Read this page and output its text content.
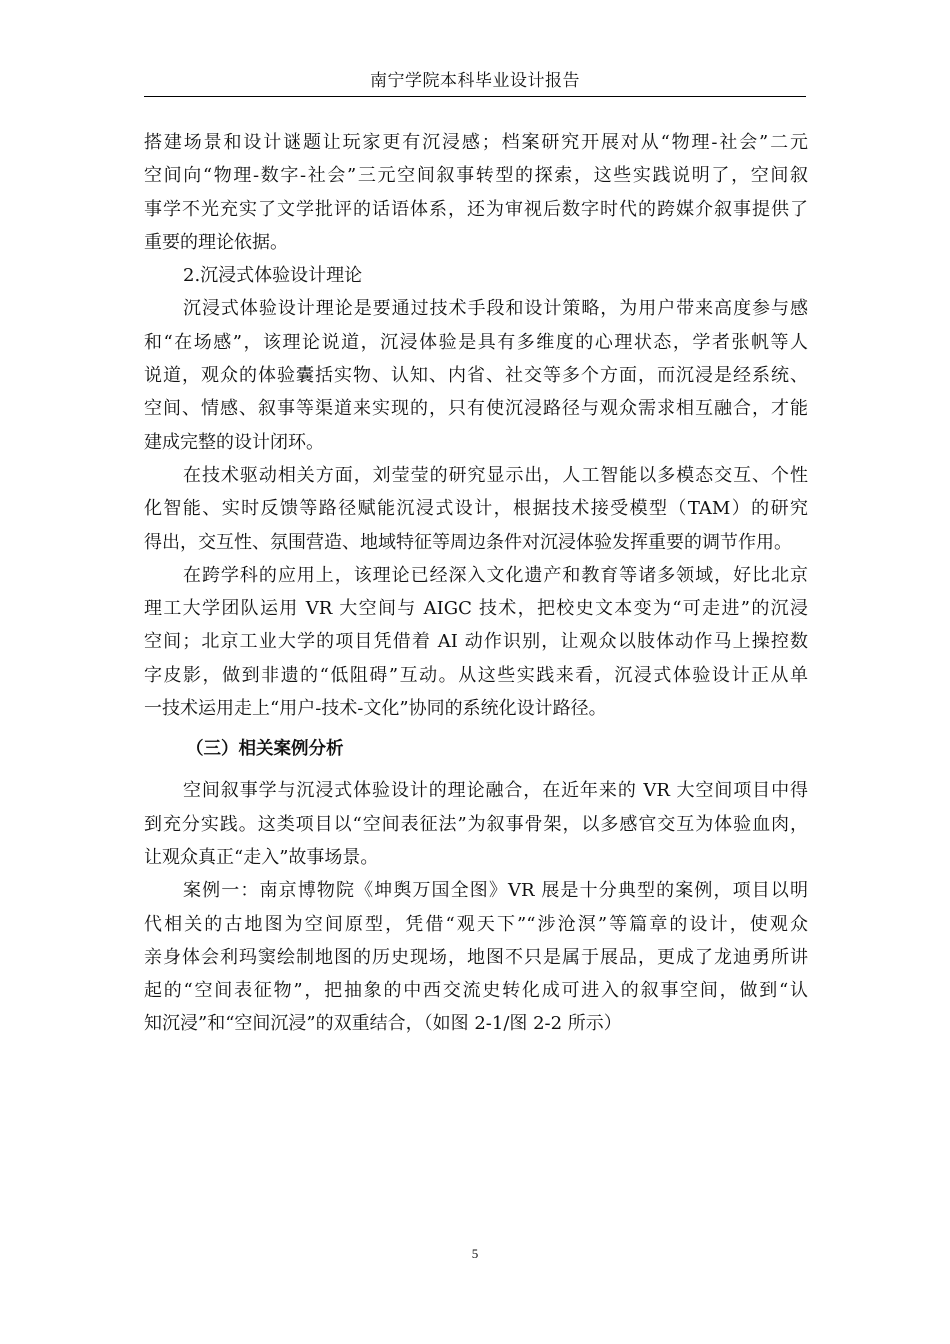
南宁学院本科毕业设计报告
搭建场景和设计谜题让玩家更有沉浸感；档案研究开展对从“物理-社会”二元
空间向“物理-数字-社会”三元空间叙事转型的探索，这些实践说明了，空间叙
事学不光充实了文学批评的话语体系，还为审视后数字时代的跨媒介叙事提供了
重要的理论依据。
2.沉浸式体验设计理论
沉浸式体验设计理论是要通过技术手段和设计策略，为用户带来高度参与感
和“在场感”，该理论说道，沉浸体验是具有多维度的心理状态，学者张帆等人
说道，观众的体验囊括实物、认知、内省、社交等多个方面，而沉浸是经系统、
空间、情感、叙事等渠道来实现的，只有使沉浸路径与观众需求相互融合，才能
建成完整的设计闭环。
在技术驱动相关方面，刘莹莹的研究显示出，人工智能以多模态交互、个性
化智能、实时反馈等路径赋能沉浸式设计，根据技术接受模型（TAM）的研究
得出，交互性、氛围营造、地域特征等周边条件对沉浸体验发挥重要的调节作用。
在跨学科的应用上，该理论已经深入文化遗产和教育等诸多领域，好比北京
理工大学团队运用 VR 大空间与 AIGC 技术，把校史文本变为“可走进”的沉浸
空间；北京工业大学的项目凭借着 AI 动作识别，让观众以肢体动作马上操控数
字皮影，做到非遗的“低阻碍”互动。从这些实践来看，沉浸式体验设计正从单
一技术运用走上“用户-技术-文化”协同的系统化设计路径。
（三）相关案例分析
空间叙事学与沉浸式体验设计的理论融合，在近年来的 VR 大空间项目中得
到充分实践。这类项目以“空间表征法”为叙事骨架，以多感官交互为体验血肉，
让观众真正“走入”故事场景。
案例一：南京博物院《坤舆万国全图》VR 展是十分典型的案例，项目以明
代相关的古地图为空间原型，凭借“观天下”“涉沧溟”等篇章的设计，使观众
亲身体会利玛窦绘制地图的历史现场，地图不只是属于展品，更成了龙迪勇所讲
起的“空间表征物”，把抽象的中西交流史转化成可进入的叙事空间，做到“认
知沉浸”和“空间沉浸”的双重结合，（如图 2-1/图 2-2 所示）
5
